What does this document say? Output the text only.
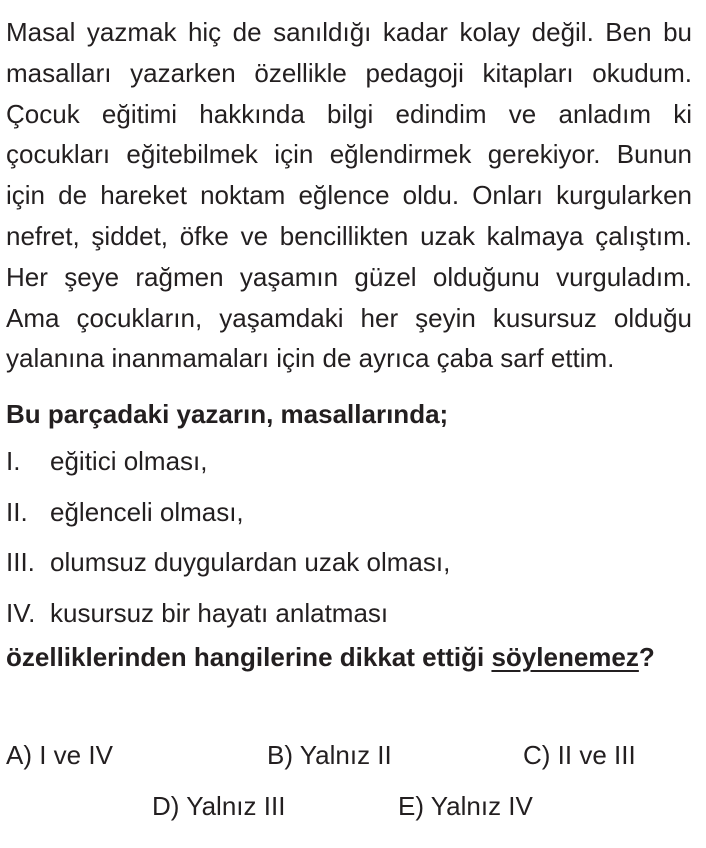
Masal yazmak hiç de sanıldığı kadar kolay değil. Ben bu masalları yazarken özellikle pedagoji kitapları okudum. Çocuk eğitimi hakkında bilgi edindim ve anladım ki çocukları eğitebilmek için eğlendirmek gerekiyor. Bunun için de hareket noktam eğlence oldu. Onları kurgularken nefret, şiddet, öfke ve bencillikten uzak kalmaya çalıştım. Her şeye rağmen yaşamın güzel olduğunu vurguladım. Ama çocukların, yaşamdaki her şeyin kusursuz olduğu yalanına inanmamaları için de ayrıca çaba sarf ettim.

Bu parçadaki yazarın, masallarında;

I.	eğitici olması,
II. eğlenceli olması,
III. olumsuz duygulardan uzak olması,
IV. kusursuz bir hayatı anlatması

özelliklerinden hangilerine dikkat ettiği söylenemez?

A) I ve IV	B) Yalnız II	C) II ve III
D) Yalnız III	E) Yalnız IV
